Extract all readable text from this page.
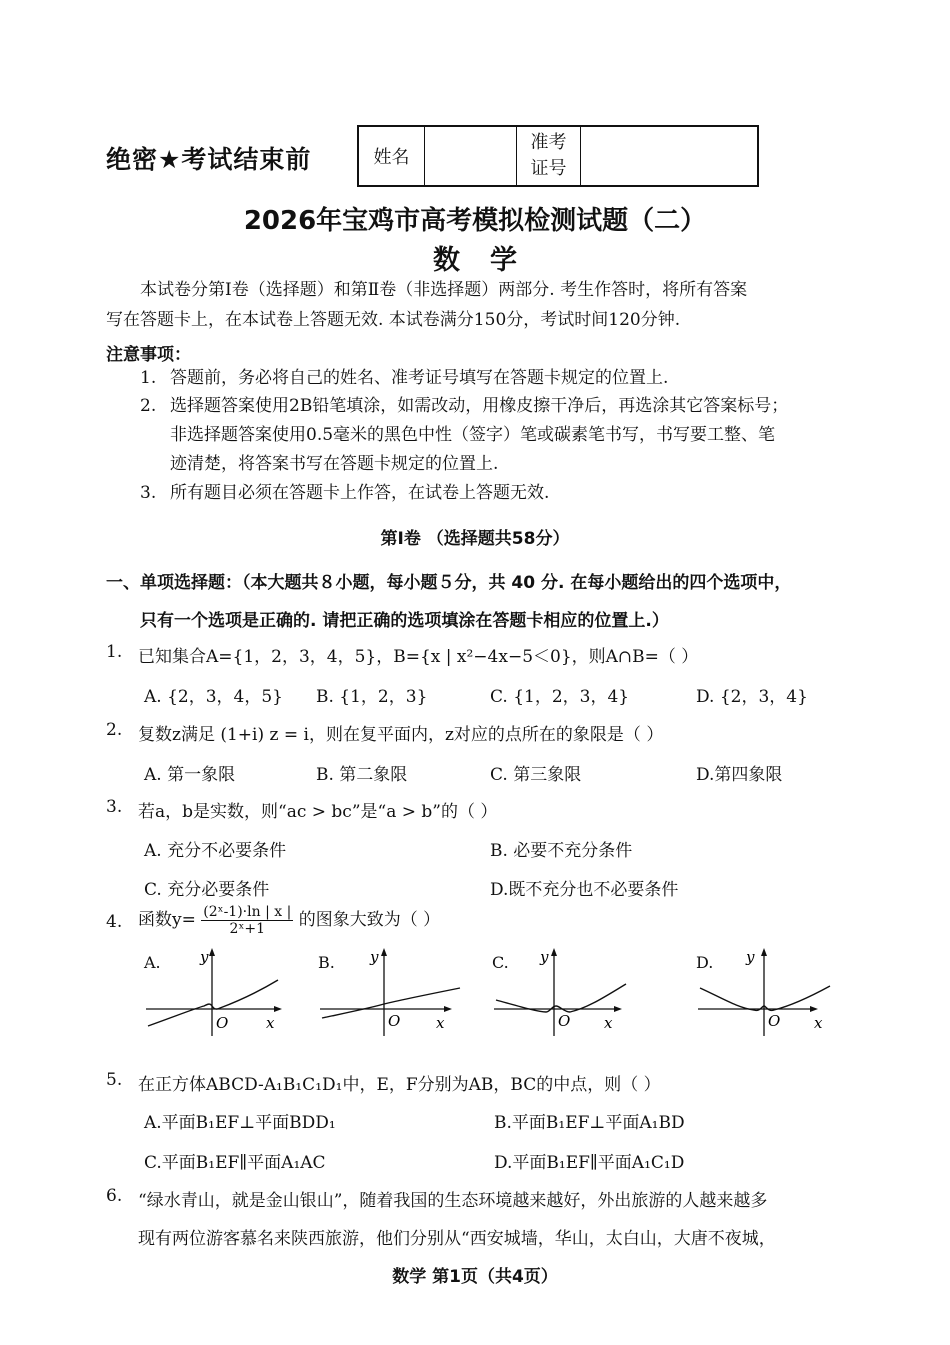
绝密★考试结束前	姓名
准考
证号
2026年宝鸡市高考模拟检测试题（二）
数学
本试卷分第Ⅰ卷（选择题）和第Ⅱ卷（非选择题）两部分. 考生作答时，将所有答案
写在答题卡上，在本试卷上答题无效. 本试卷满分150分，考试时间120分钟.
注意事项：
1. 答题前，务必将自己的姓名、准考证号填写在答题卡规定的位置上.
2. 选择题答案使用2B铅笔填涂，如需改动，用橡皮擦干净后，再选涂其它答案标号；
非选择题答案使用0.5毫米的黑色中性（签字）笔或碳素笔书写，书写要工整、笔
迹清楚，将答案书写在答题卡规定的位置上.
3. 所有题目必须在答题卡上作答，在试卷上答题无效.
第Ⅰ卷 （选择题共58分）
一、单项选择题：（本大题共８小题，每小题５分，共 40 分. 在每小题给出的四个选项中，
只有一个选项是正确的. 请把正确的选项填涂在答题卡相应的位置上.）
1. 已知集合A={1，2，3，4，5}，B={x | x²−4x−5＜0}，则A∩B=（ ）
A. {2，3，4，5} B. {1，2，3}	C. {1，2，3，4}	D. {2，3，4}
2. 复数z满足 (1+i) z = i，则在复平面内，z对应的点所在的象限是（ ）
A. 第一象限	B. 第二象限	C. 第三象限	D.第四象限
3. 若a，b是实数，则“ac > bc”是“a > b”的（ ）
A. 充分不必要条件	B. 必要不充分条件
C. 充分必要条件	D.既不充分也不必要条件
4. 函数$y= \frac{\text{(2ˣ-1)·ln | x |}}{\text{2ˣ+1}}$ 的图象大致为（ ）
A.	B.	C.	D.
y
x
O
y
x
O
y
x
O
y
x
O
5. 在正方体ABCD-A₁B₁C₁D₁中，E，F分别为AB，BC的中点，则（ ）
A.平面B₁EF⊥平面BDD₁	B.平面B₁EF⊥平面A₁BD
C.平面B₁EF∥平面A₁AC	D.平面B₁EF∥平面A₁C₁D
6. “绿水青山，就是金山银山”，随着我国的生态环境越来越好，外出旅游的人越来越多
现有两位游客慕名来陕西旅游，他们分别从“西安城墙，华山，太白山，大唐不夜城，
数学 第1页（共4页）
